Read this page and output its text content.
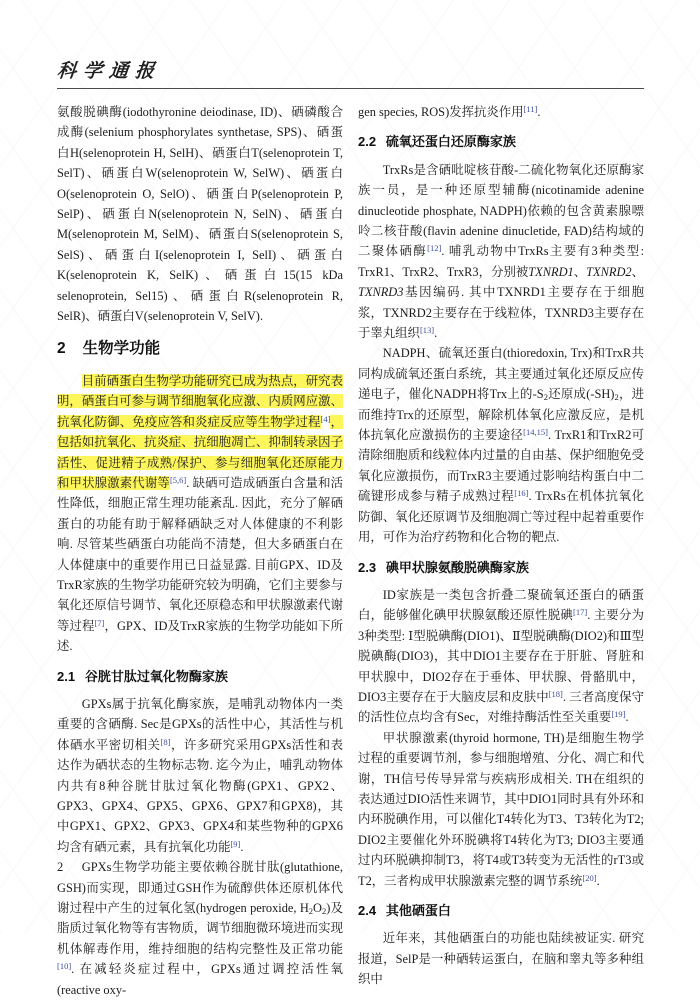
科学通报

氨酸脱碘酶(iodothyronine deiodinase, ID)、硒磷酸合成酶(selenium phosphorylates synthetase, SPS)、硒蛋白H(selenoprotein H, SelH)、硒蛋白T(selenoprotein T, SelT)、硒蛋白W(selenoprotein W, SelW)、硒蛋白O(selenoprotein O, SelO)、硒蛋白P(selenoprotein P, SelP)、硒蛋白N(selenoprotein N, SelN)、硒蛋白M(selenoprotein M, SelM)、硒蛋白S(selenoprotein S, SelS)、硒蛋白I(selenoprotein I, SelI)、硒蛋白K(selenoprotein K, SelK)、硒蛋白15(15 kDa selenoprotein, Sel15)、硒蛋白R(selenoprotein R, SelR)、硒蛋白V(selenoprotein V, SelV).

2 生物学功能

目前硒蛋白生物学功能研究已成为热点，研究表明，硒蛋白可参与调节细胞氧化应激、内质网应激、抗氧化防御、免疫应答和炎症反应等生物学过程[4]，包括如抗氧化、抗炎症、抗细胞凋亡、抑制转录因子活性、促进精子成熟/保护、参与细胞氧化还原能力和甲状腺激素代谢等[5,6]. 缺硒可造成硒蛋白含量和活性降低，细胞正常生理功能紊乱. 因此，充分了解硒蛋白的功能有助于解释硒缺乏对人体健康的不利影响. 尽管某些硒蛋白功能尚不清楚，但大多硒蛋白在人体健康中的重要作用已日益显露. 目前GPX、ID及TrxR家族的生物学功能研究较为明确，它们主要参与氧化还原信号调节、氧化还原稳态和甲状腺激素代谢等过程[7]，GPX、ID及TrxR家族的生物学功能如下所述.

2.1 谷胱甘肽过氧化物酶家族

GPXs属于抗氧化酶家族，是哺乳动物体内一类重要的含硒酶. Sec是GPXs的活性中心，其活性与机体硒水平密切相关[8]，许多研究采用GPXs活性和表达作为硒状态的生物标志物. 迄今为止，哺乳动物体内共有8种谷胱甘肽过氧化物酶(GPX1、GPX2、GPX3、GPX4、GPX5、GPX6、GPX7和GPX8)，其中GPX1、GPX2、GPX3、GPX4和某些物种的GPX6均含有硒元素，具有抗氧化功能[9].

GPXs生物学功能主要依赖谷胱甘肽(glutathione, GSH)而实现，即通过GSH作为硫醇供体还原机体代谢过程中产生的过氧化氢(hydrogen peroxide, H2O2)及脂质过氧化物等有害物质，调节细胞微环境进而实现机体解毒作用，维持细胞的结构完整性及正常功能[10]. 在减轻炎症过程中，GPXs通过调控活性氧(reactive oxy-

gen species, ROS)发挥抗炎作用[11].

2.2 硫氧还蛋白还原酶家族

TrxRs是含硒吡啶核苷酸-二硫化物氧化还原酶家族一员，是一种还原型辅酶(nicotinamide adenine dinucleotide phosphate, NADPH)依赖的包含黄素腺嘌呤二核苷酸(flavin adenine dinucletide, FAD)结构域的二聚体硒酶[12]. 哺乳动物中TrxRs主要有3种类型: TrxR1、TrxR2、TrxR3，分别被TXNRD1、TXNRD2、TXNRD3基因编码. 其中TXNRD1主要存在于细胞浆，TXNRD2主要存在于线粒体，TXNRD3主要存在于睾丸组织[13].

NADPH、硫氧还蛋白(thioredoxin, Trx)和TrxR共同构成硫氧还蛋白系统，其主要通过氧化还原反应传递电子，催化NADPH将Trx上的-S2还原成(-SH)2，进而维持Trx的还原型，解除机体氧化应激反应，是机体抗氧化应激损伤的主要途径[14,15]. TrxR1和TrxR2可清除细胞质和线粒体内过量的自由基、保护细胞免受氧化应激损伤，而TrxR3主要通过影响结构蛋白中二硫键形成参与精子成熟过程[16]. TrxRs在机体抗氧化防御、氧化还原调节及细胞凋亡等过程中起着重要作用，可作为治疗药物和化合物的靶点.

2.3 碘甲状腺氨酸脱碘酶家族

ID家族是一类包含折叠二聚硫氧还蛋白的硒蛋白，能够催化碘甲状腺氨酸还原性脱碘[17]. 主要分为3种类型: Ⅰ型脱碘酶(DIO1)、Ⅱ型脱碘酶(DIO2)和Ⅲ型脱碘酶(DIO3)，其中DIO1主要存在于肝脏、肾脏和甲状腺中，DIO2存在于垂体、甲状腺、骨骼肌中，DIO3主要存在于大脑皮层和皮肤中[18]. 三者高度保守的活性位点均含有Sec，对维持酶活性至关重要[19].

甲状腺激素(thyroid hormone, TH)是细胞生物学过程的重要调节剂，参与细胞增殖、分化、凋亡和代谢，TH信号传导异常与疾病形成相关. TH在组织的表达通过DIO活性来调节，其中DIO1同时具有外环和内环脱碘作用，可以催化T4转化为T3、T3转化为T2; DIO2主要催化外环脱碘将T4转化为T3; DIO3主要通过内环脱碘抑制T3，将T4或T3转变为无活性的rT3或T2，三者构成甲状腺激素完整的调节系统[20].

2.4 其他硒蛋白

近年来，其他硒蛋白的功能也陆续被证实. 研究报道，SelP是一种硒转运蛋白，在脑和睾丸等多种组织中

2
